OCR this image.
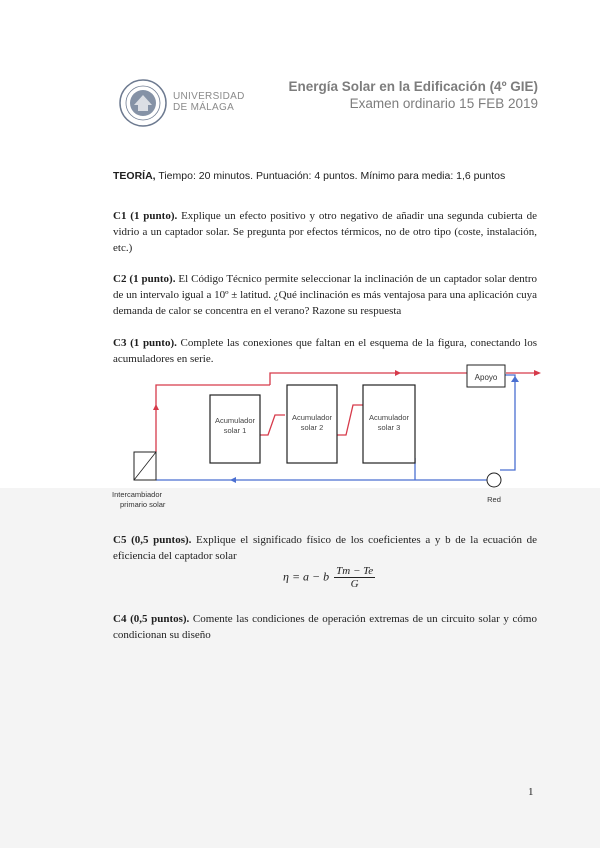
UNIVERSIDAD
DE MÁLAGA
Energía Solar en la Edificación (4º GIE)
Examen ordinario 15 FEB 2019
TEORÍA, Tiempo: 20 minutos. Puntuación: 4 puntos. Mínimo para media: 1,6 puntos
C1 (1 punto). Explique un efecto positivo y otro negativo de añadir una segunda cubierta de vidrio a un captador solar. Se pregunta por efectos térmicos, no de otro tipo (coste, instalación, etc.)
C2 (1 punto). El Código Técnico permite seleccionar la inclinación de un captador solar dentro de un intervalo igual a 10º ± latitud. ¿Qué inclinación es más ventajosa para una aplicación cuya demanda de calor se concentra en el verano? Razone su respuesta
C3 (1 punto). Complete las conexiones que faltan en el esquema de la figura, conectando los acumuladores en serie.
Intercambiador
primario solar
Acumulador
solar 1
Acumulador
solar 2
Acumulador
solar 3
Apoyo
Red
C5 (0,5 puntos). Explique el significado físico de los coeficientes a y b de la ecuación de eficiencia del captador solar
η = a − b $\frac{Tm - Te}{G}$
C4 (0,5 puntos). Comente las condiciones de operación extremas de un circuito solar y cómo condicionan su diseño
1
